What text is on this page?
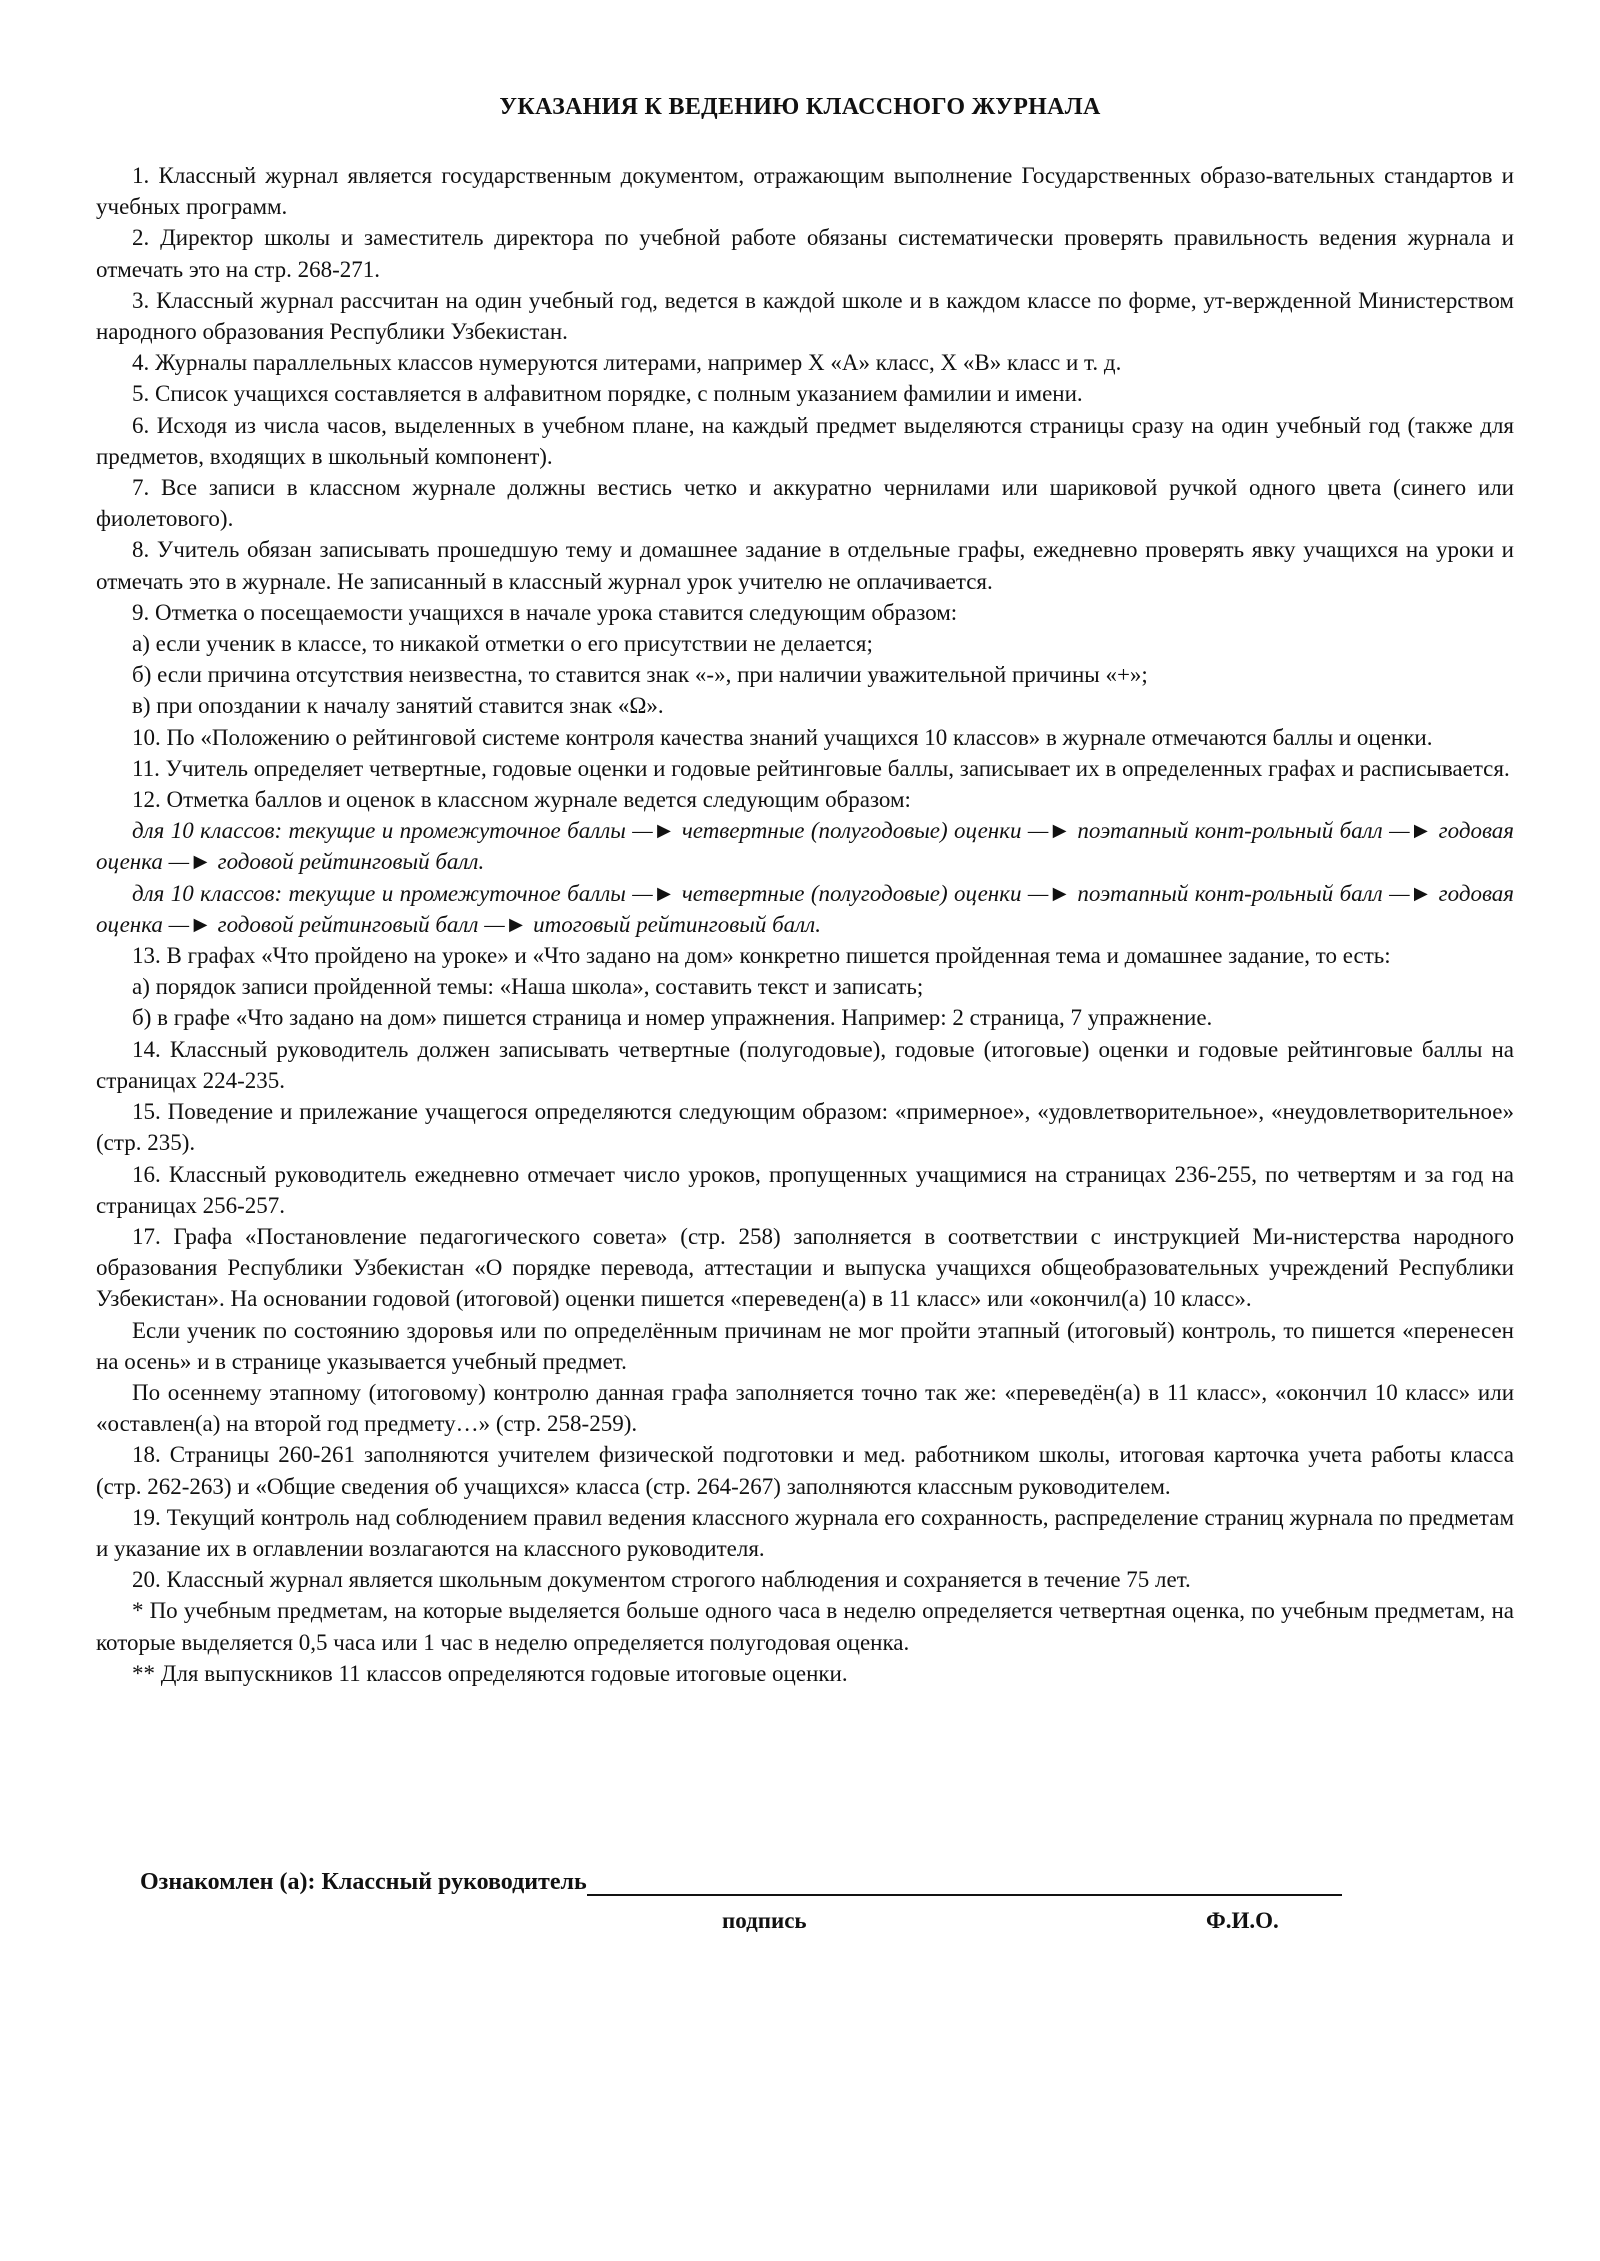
УКАЗАНИЯ К ВЕДЕНИЮ КЛАССНОГО ЖУРНАЛА

1. Классный журнал является государственным документом, отражающим выполнение Государственных образо-вательных стандартов и учебных программ.

2. Директор школы и заместитель директора по учебной работе обязаны систематически проверять правильность ведения журнала и отмечать это на стр. 268-271.

3. Классный журнал рассчитан на один учебный год, ведется в каждой школе и в каждом классе по форме, ут-вержденной Министерством народного образования Республики Узбекистан.

4. Журналы параллельных классов нумеруются литерами, например Х «А» класс, Х «В» класс и т. д.

5. Список учащихся составляется в алфавитном порядке, с полным указанием фамилии и имени.

6. Исходя из числа часов, выделенных в учебном плане, на каждый предмет выделяются страницы сразу на один учебный год (также для предметов, входящих в школьный компонент).

7. Все записи в классном журнале должны вестись четко и аккуратно чернилами или шариковой ручкой одного цвета (синего или фиолетового).

8. Учитель обязан записывать прошедшую тему и домашнее задание в отдельные графы, ежедневно проверять явку учащихся на уроки и отмечать это в журнале. Не записанный в классный журнал урок учителю не оплачивается.

9. Отметка о посещаемости учащихся в начале урока ставится следующим образом:

а) если ученик в классе, то никакой отметки о его присутствии не делается;

б) если причина отсутствия неизвестна, то ставится знак «-», при наличии уважительной причины «+»;

в) при опоздании к началу занятий ставится знак «Ω».

10. По «Положению о рейтинговой системе контроля качества знаний учащихся 10 классов» в журнале отмечаются баллы и оценки.

11. Учитель определяет четвертные, годовые оценки и годовые рейтинговые баллы, записывает их в определенных графах и расписывается.

12. Отметка баллов и оценок в классном журнале ведется следующим образом:

для 10 классов: текущие и промежуточное баллы —► четвертные (полугодовые) оценки —► поэтапный конт-рольный балл —► годовая оценка —► годовой рейтинговый балл.

для 10 классов: текущие и промежуточное баллы —► четвертные (полугодовые) оценки —► поэтапный конт-рольный балл —► годовая оценка —► годовой рейтинговый балл —► итоговый рейтинговый балл.

13. В графах «Что пройдено на уроке» и «Что задано на дом» конкретно пишется пройденная тема и домашнее задание, то есть:

а) порядок записи пройденной темы: «Наша школа», составить текст и записать;

б) в графе «Что задано на дом» пишется страница и номер упражнения. Например: 2 страница, 7 упражнение.

14. Классный руководитель должен записывать четвертные (полугодовые), годовые (итоговые) оценки и годовые рейтинговые баллы на страницах 224-235.

15. Поведение и прилежание учащегося определяются следующим образом: «примерное», «удовлетворительное», «неудовлетворительное» (стр. 235).

16. Классный руководитель ежедневно отмечает число уроков, пропущенных учащимися на страницах 236-255, по четвертям и за год на страницах 256-257.

17. Графа «Постановление педагогического совета» (стр. 258) заполняется в соответствии с инструкцией Ми-нистерства народного образования Республики Узбекистан «О порядке перевода, аттестации и выпуска учащихся общеобразовательных учреждений Республики Узбекистан». На основании годовой (итоговой) оценки пишется «переведен(а) в 11 класс» или «окончил(а) 10 класс».

Если ученик по состоянию здоровья или по определённым причинам не мог пройти этапный (итоговый) контроль, то пишется «перенесен на осень» и в странице указывается учебный предмет.

По осеннему этапному (итоговому) контролю данная графа заполняется точно так же: «переведён(а) в 11 класс», «окончил 10 класс» или «оставлен(а) на второй год предмету…» (стр. 258-259).

18. Страницы 260-261 заполняются учителем физической подготовки и мед. работником школы, итоговая карточка учета работы класса (стр. 262-263) и «Общие сведения об учащихся» класса (стр. 264-267) заполняются классным руководителем.

19. Текущий контроль над соблюдением правил ведения классного журнала его сохранность, распределение страниц журнала по предметам и указание их в оглавлении возлагаются на классного руководителя.

20. Классный журнал является школьным документом строгого наблюдения и сохраняется в течение 75 лет.

* По учебным предметам, на которые выделяется больше одного часа в неделю определяется четвертная оценка, по учебным предметам, на которые выделяется 0,5 часа или 1 час в неделю определяется полугодовая оценка.

** Для выпускников 11 классов определяются годовые итоговые оценки.

Ознакомлен (а): Классный руководитель
подпись	Ф.И.О.
